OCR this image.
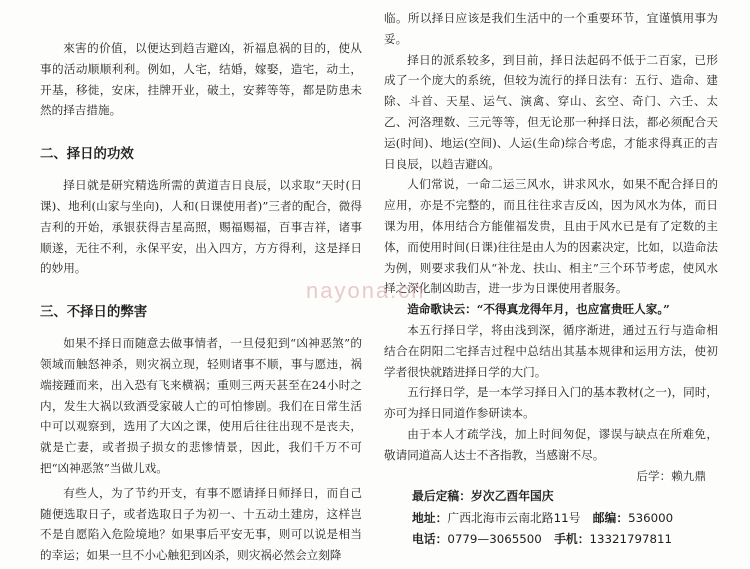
來害的价值，以便达到趋吉避凶，祈福息祸的目的，使从事的活动顺顺利利。例如，人宅，结婚，嫁娶，造宅，动土，开基，移徙，安床，挂牌开业，破土，安葬等等，都是防患未然的择吉措施。

二、择日的功效

择日就是研究精选所需的黄道吉日良辰，以求取“天时(日课)、地利(山家与坐向)，人和(日课使用者)”三者的配合，微得吉利的开始，承银获得吉星高照，赐福赐福，百事吉祥，诸事顺遂，无往不利，永保平安，出入四方，方方得利，这是择日的妙用。

三、不择日的弊害

如果不择日而随意去做事情者，一旦侵犯到“凶神恶煞”的领域而触怒神杀，则灾祸立现，轻则诸事不顺，事与愿违，祸端接踵而来，出入恐有飞来横祸；重则三两天甚至在24小时之内，发生大祸以致酒受家破人亡的可怕惨剧。我们在日常生活中可以观察到，选用了大凶之课，使用后往往出现不是丧夫，就是亡妻，或者损子损女的悲惨情景，因此，我们千万不可把“凶神恶煞”当做儿戏。

有些人，为了节约开支，有事不愿请择日师择日，而自己随便选取日子，或者选取日子为初一、十五动土建房，这样岂不是自愿陷入危险境地？如果事后平安无事，则可以说是相当的幸运；如果一旦不小心触犯到凶杀，则灾祸必然会立刻降

临。所以择日应该是我们生活中的一个重要环节，宜谨慎用事为妥。

择日的派系较多，到目前，择日法起码不低于二百家，已形成了一个庞大的系统，但较为流行的择日法有：五行、造命、建除、斗首、天星、运气、演禽、穿山、玄空、奇门、六壬、太乙、河洛理数、三元等等，但无论那一种择日法，都必须配合天运(时间)、地运(空间)、人运(生命)综合考虑，才能求得真正的吉日良辰，以趋吉避凶。

人们常说，一命二运三风水，讲求风水，如果不配合择日的应用，亦是不完整的，而且往往求吉反凶，因为风水为体，而日课为用，体用结合方能催福发贵，且由于风水已是有了定数的主体，而使用时间(日课)往往是由人为的因素决定，比如，以造命法为例，则要求我们从“补龙、扶山、相主”三个环节考虑，使风水择之深化制凶助吉，进一步为日课使用者服务。

造命歌诀云：“不得真龙得年月，也应富贵旺人家。”

本五行择日学，将由浅到深，循序渐进，通过五行与造命相结合在阴阳二宅择吉过程中总结出其基本规律和运用方法，使初学者很快就踏进择日学的大门。

五行择日学，是一本学习择日入门的基本教材(之一)，同时，亦可为择日同道作参研读本。

由于本人才疏学浅，加上时间匆促，谬误与缺点在所难免，敬请同道高人达士不吝指教，当感谢不尽。

后学：赖九鼎

最后定稿：岁次乙酉年国庆

地址：广西北海市云南北路11号 邮编：536000

电话：0779—3065500 手机：13321797811

nayona.cn
